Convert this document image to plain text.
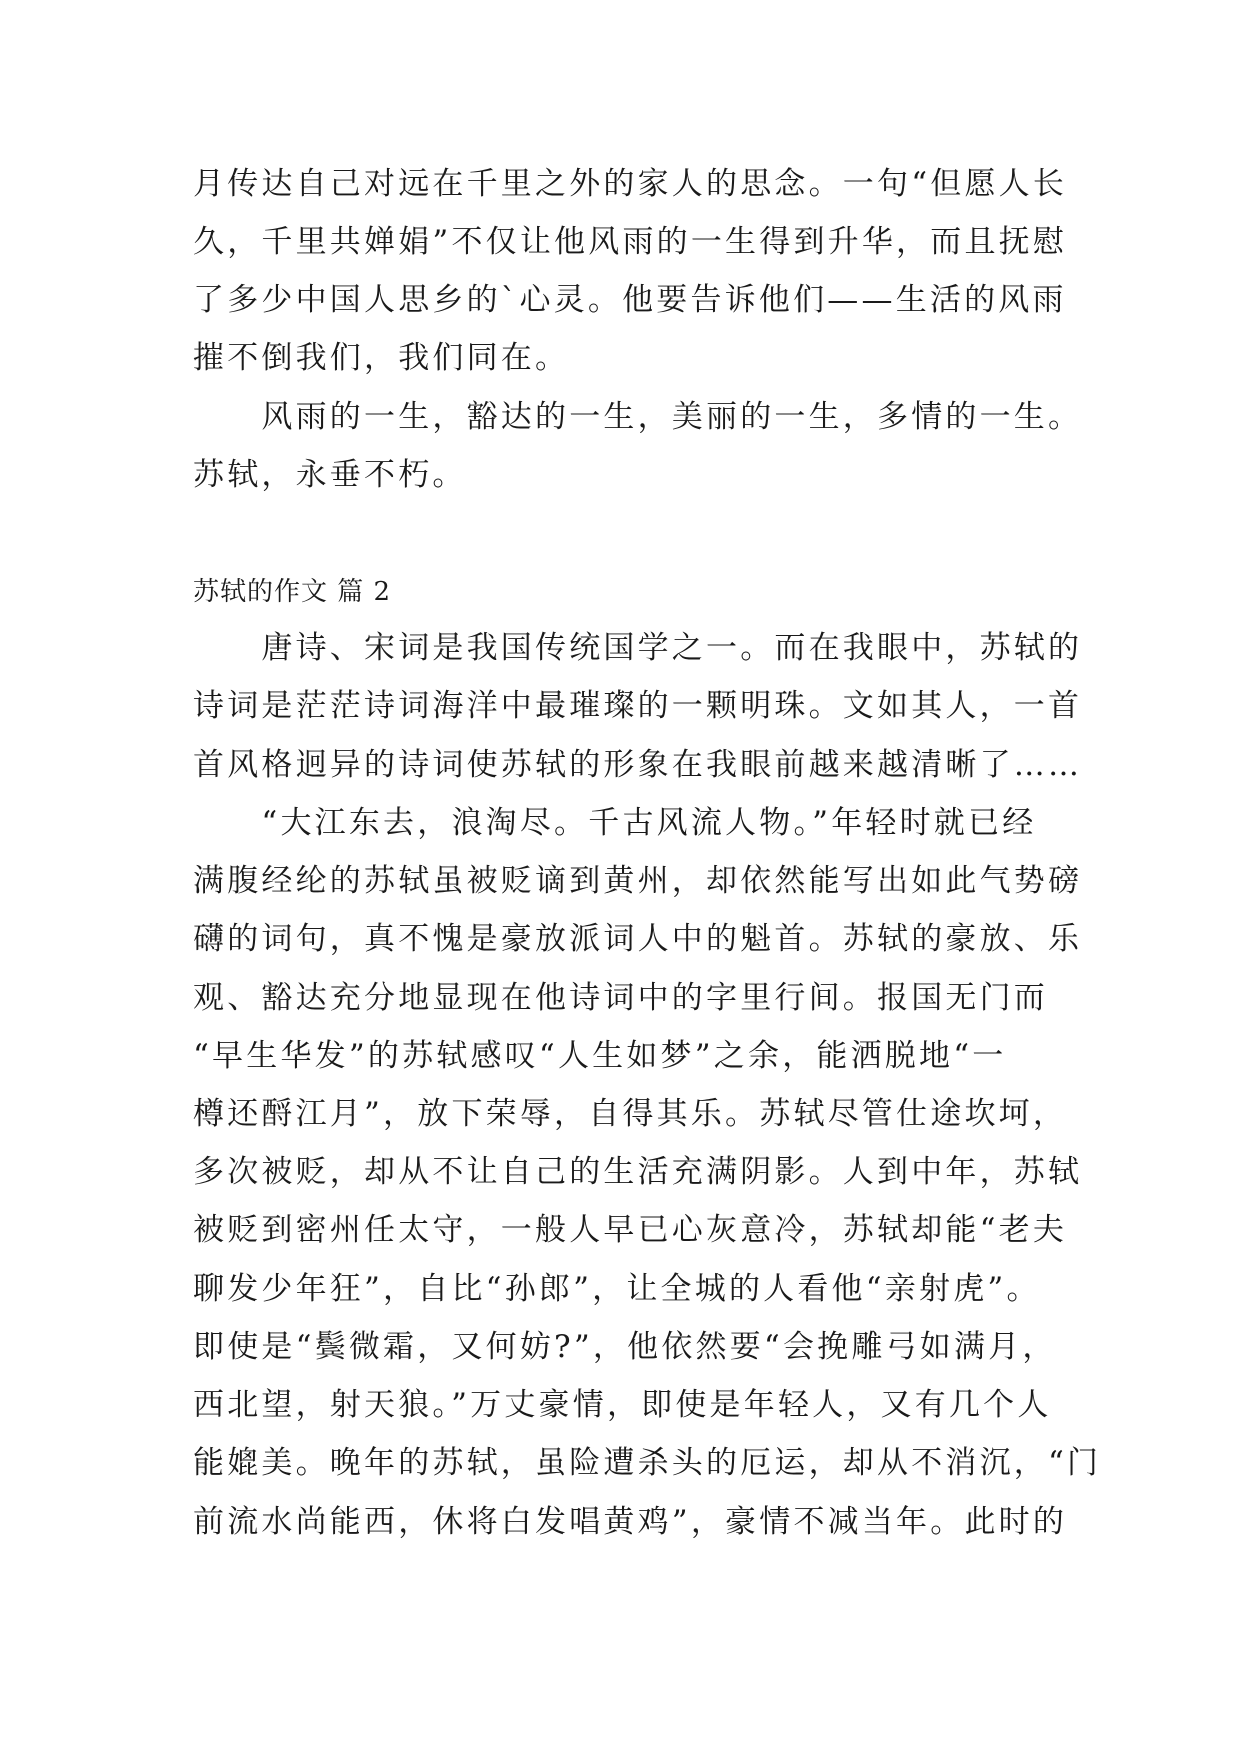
月传达自己对远在千里之外的家人的思念。一句“但愿人长
久，千里共婵娟”不仅让他风雨的一生得到升华，而且抚慰
了多少中国人思乡的`心灵。他要告诉他们——生活的风雨
摧不倒我们，我们同在。
　　风雨的一生，豁达的一生，美丽的一生，多情的一生。
苏轼，永垂不朽。
苏轼的作文 篇 2
　　唐诗、宋词是我国传统国学之一。而在我眼中，苏轼的
诗词是茫茫诗词海洋中最璀璨的一颗明珠。文如其人，一首
首风格迥异的诗词使苏轼的形象在我眼前越来越清晰了……
　　“大江东去，浪淘尽。千古风流人物。”年轻时就已经
满腹经纶的苏轼虽被贬谪到黄州，却依然能写出如此气势磅
礴的词句，真不愧是豪放派词人中的魁首。苏轼的豪放、乐
观、豁达充分地显现在他诗词中的字里行间。报国无门而
“早生华发”的苏轼感叹“人生如梦”之余，能洒脱地“一
樽还酹江月”，放下荣辱，自得其乐。苏轼尽管仕途坎坷，
多次被贬，却从不让自己的生活充满阴影。人到中年，苏轼
被贬到密州任太守，一般人早已心灰意冷，苏轼却能“老夫
聊发少年狂”，自比“孙郎”，让全城的人看他“亲射虎”。
即使是“鬓微霜，又何妨?”，他依然要“会挽雕弓如满月，
西北望，射天狼。”万丈豪情，即使是年轻人，又有几个人
能媲美。晚年的苏轼，虽险遭杀头的厄运，却从不消沉，“门
前流水尚能西，休将白发唱黄鸡”，豪情不减当年。此时的
